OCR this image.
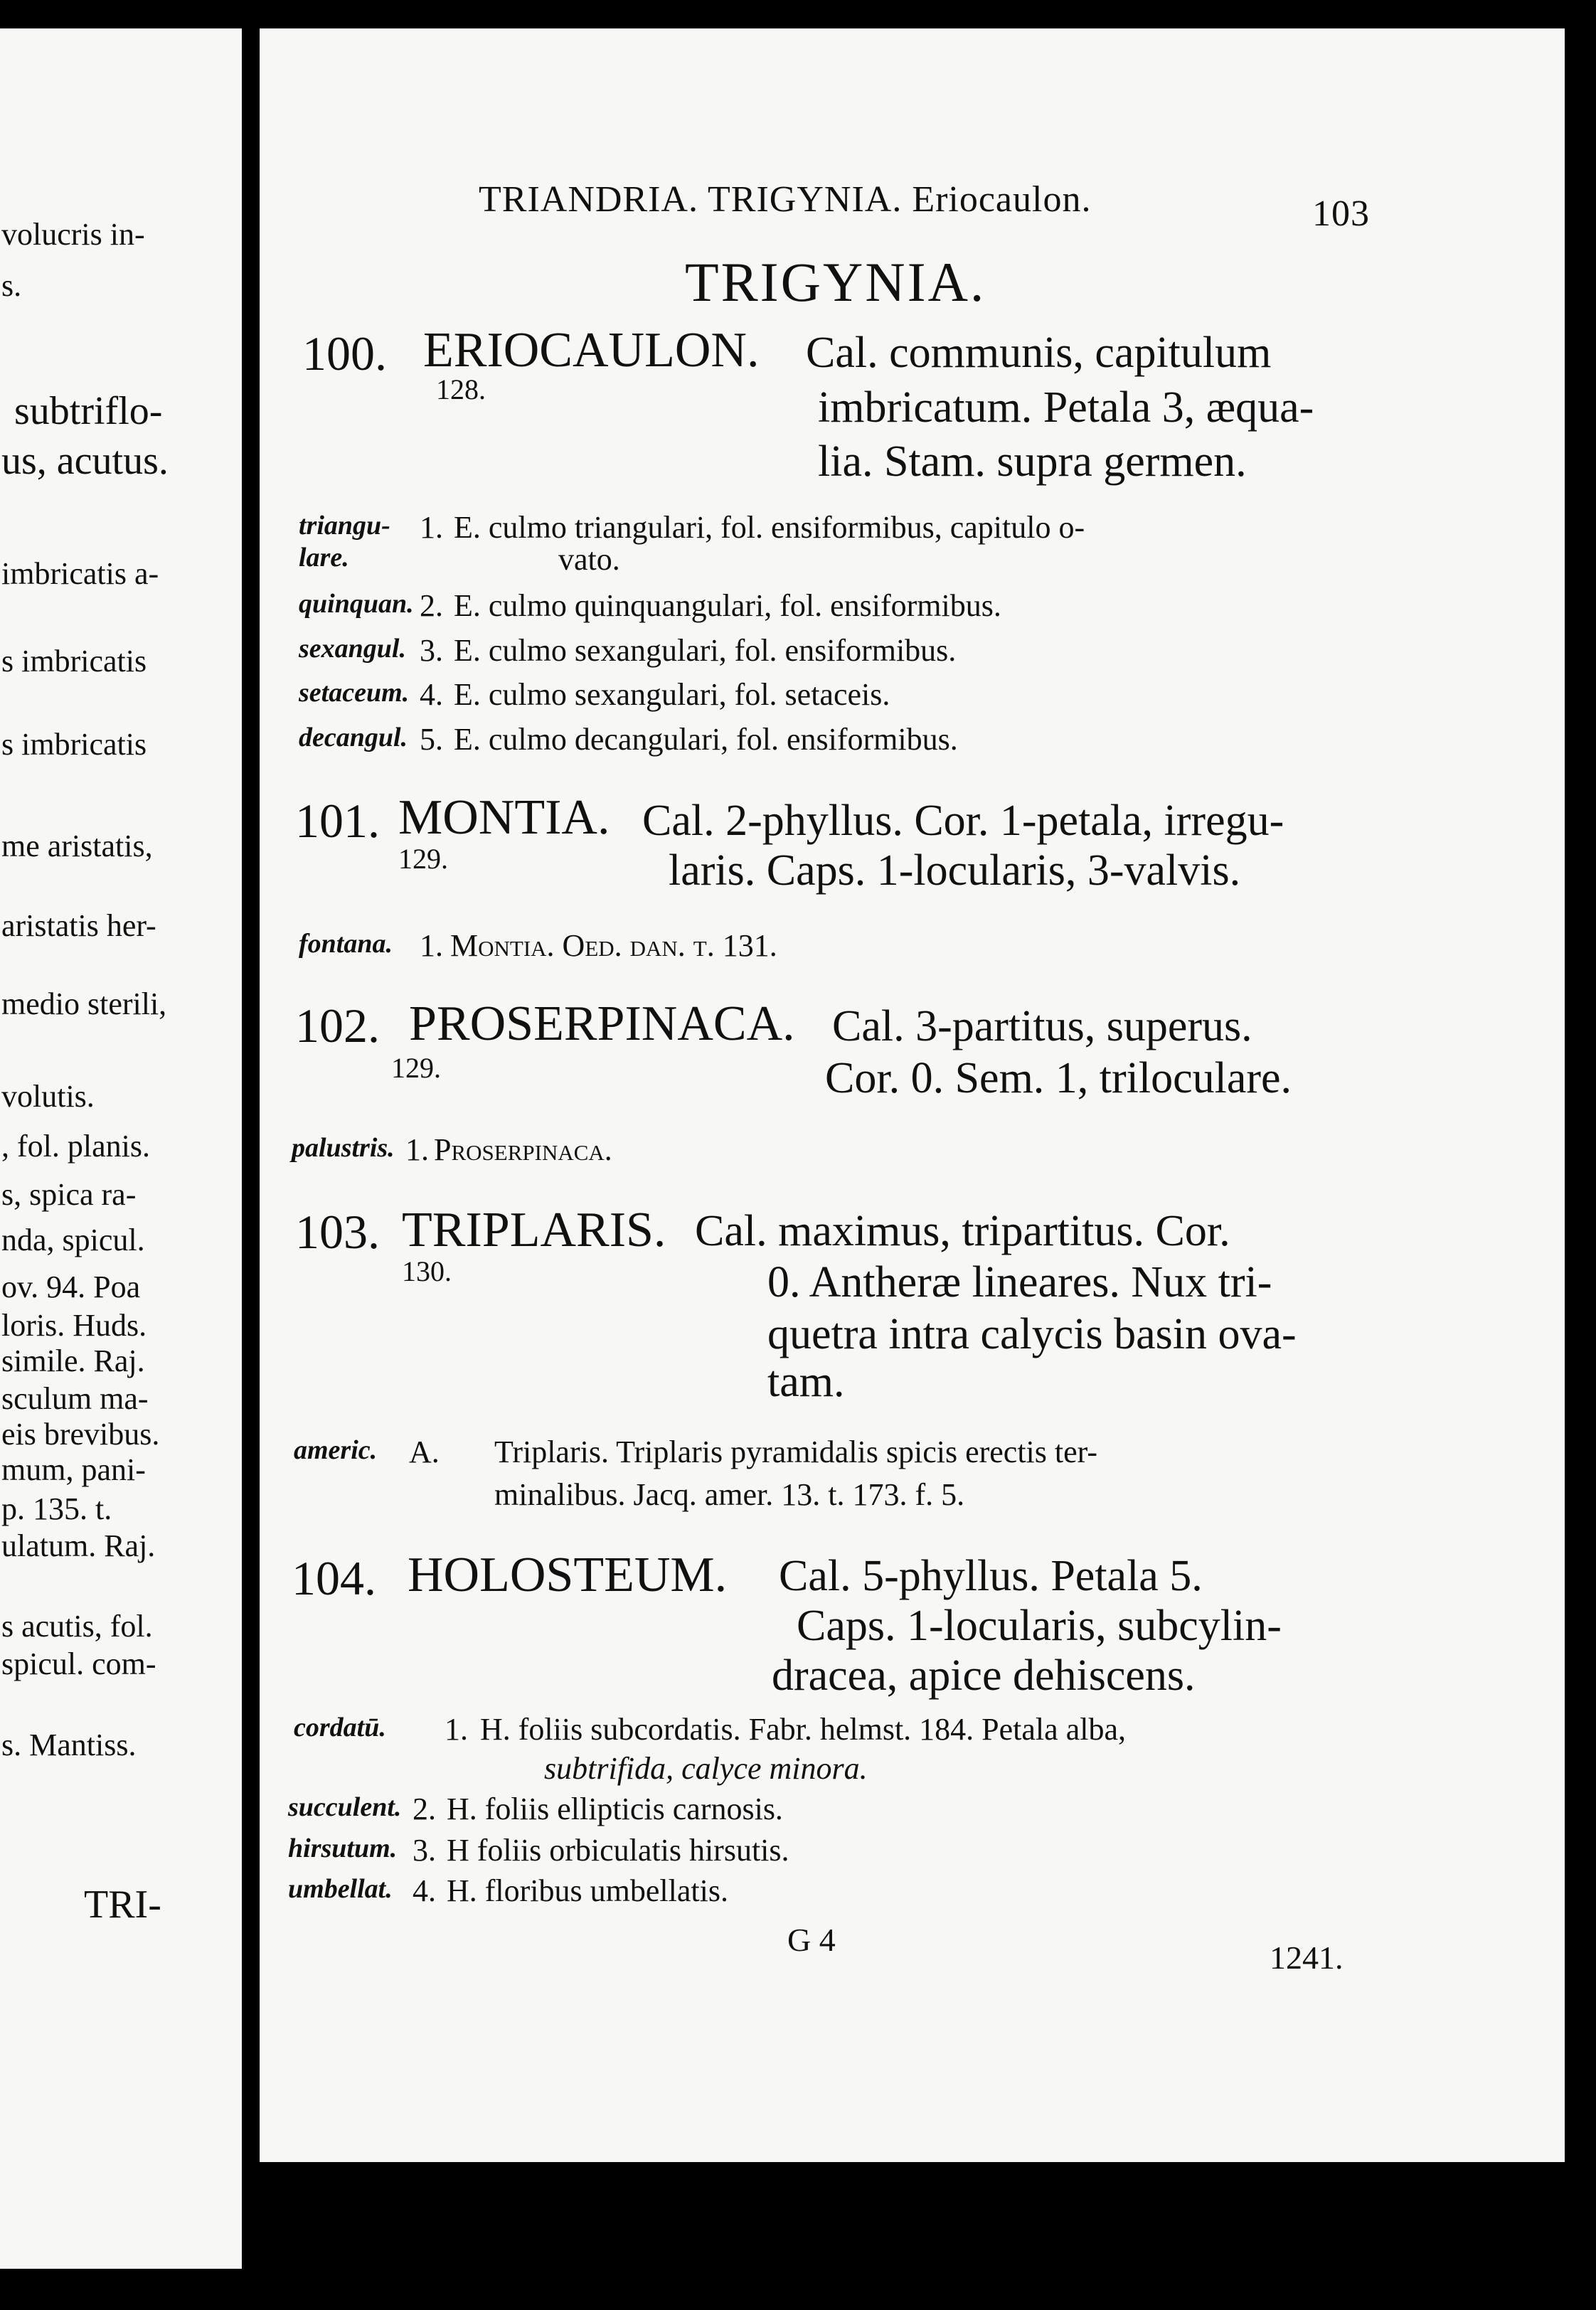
volucris in-
s.
subtriflo-
us, acutus.
imbricatis a-
s imbricatis
s imbricatis
me aristatis,
aristatis her-
medio sterili,
volutis.
, fol. planis.
s, spica ra-
nda, spicul.
ov. 94. Poa
loris. Huds.
simile. Raj.
sculum ma-
eis brevibus.
mum, pani-
p. 135. t.
ulatum. Raj.
s acutis, fol.
spicul. com-
s. Mantiss.
TRI-
TRIANDRIA. TRIGYNIA. Eriocaulon.	103
TRIGYNIA.
100. ERIOCAULON.
128.
Cal. communis, capitulum
imbricatum. Petala 3, æqua-
lia. Stam. supra germen.
triangu- 1. E. culmo triangulari, fol. ensiformibus, capitulo o-
lare.	vato.
quinquan. 2. E. culmo quinquangulari, fol. ensiformibus.
sexangul. 3. E. culmo sexangulari, fol. ensiformibus.
setaceum. 4. E. culmo sexangulari, fol. setaceis.
decangul. 5. E. culmo decangulari, fol. ensiformibus.
101. MONTIA.
129.
Cal. 2-phyllus. Cor. 1-petala, irregu-
laris. Caps. 1-locularis, 3-valvis.
fontana. 1. Montia. Oed. dan. t. 131.
102. PROSERPINACA.
129.
Cal. 3-partitus, superus.
Cor. 0. Sem. 1, triloculare.
palustris. 1. Proserpinaca.
103. TRIPLARIS.
130.
Cal. maximus, tripartitus. Cor.
0. Antheræ lineares. Nux tri-
quetra intra calycis basin ova-
tam.
americ. A. Triplaris. Triplaris pyramidalis spicis erectis ter-
minalibus. Jacq. amer. 13. t. 173. f. 5.
104. HOLOSTEUM. Cal. 5-phyllus. Petala 5.
Caps. 1-locularis, subcylin-
dracea, apice dehiscens.
cordatū. 1. H. foliis subcordatis. Fabr. helmst. 184. Petala alba,
subtrifida, calyce minora.
succulent. 2. H. foliis ellipticis carnosis.
hirsutum. 3. H foliis orbiculatis hirsutis.
umbellat. 4. H. floribus umbellatis.
G 4	1241.
